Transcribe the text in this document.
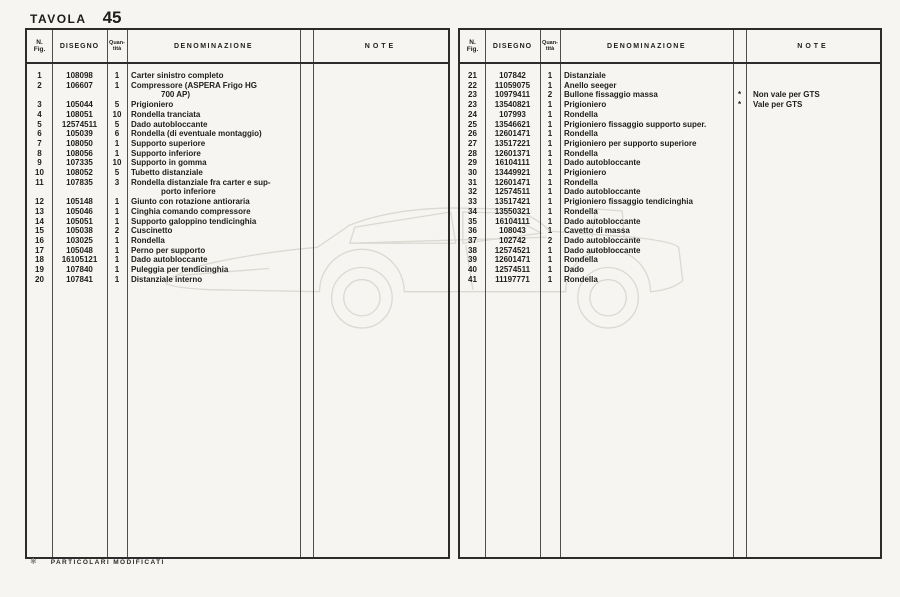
TAVOLA 45
N.
Fig.	DISEGNO	Quan-
tità	DENOMINAZIONE	NOTE
1	108098	1	Carter sinistro completo
2	106607	1	Compressore (ASPERA Frigo HG
700 AP)
3	105044	5	Prigioniero
4	108051	10	Rondella tranciata
5	12574511	5	Dado autobloccante
6	105039	6	Rondella (di eventuale montaggio)
7	108050	1	Supporto superiore
8	108056	1	Supporto inferiore
9	107335	10	Supporto in gomma
10	108052	5	Tubetto distanziale
11	107835	3	Rondella distanziale fra carter e sup-
porto inferiore
12	105148	1	Giunto con rotazione antioraria
13	105046	1	Cinghia comando compressore
14	105051	1	Supporto galoppino tendicinghia
15	105038	2	Cuscinetto
16	103025	1	Rondella
17	105048	1	Perno per supporto
18	16105121	1	Dado autobloccante
19	107840	1	Puleggia per tendicinghia
20	107841	1	Distanziale interno
N.
Fig.	DISEGNO	Quan-
tità	DENOMINAZIONE	NOTE
21	107842	1	Distanziale
22	11059075	1	Anello seeger
23	10979411	2	Bullone fissaggio massa	*	Non vale per GTS
23	13540821	1	Prigioniero	*	Vale per GTS
24	107993	1	Rondella
25	13546621	1	Prigioniero fissaggio supporto super.
26	12601471	1	Rondella
27	13517221	1	Prigioniero per supporto superiore
28	12601371	1	Rondella
29	16104111	1	Dado autobloccante
30	13449921	1	Prigioniero
31	12601471	1	Rondella
32	12574511	1	Dado autobloccante
33	13517421	1	Prigioniero fissaggio tendicinghia
34	13550321	1	Rondella
35	16104111	1	Dado autobloccante
36	108043	1	Cavetto di massa
37	102742	2	Dado autobloccante
38	12574521	1	Dado autobloccante
39	12601471	1	Rondella
40	12574511	1	Dado
41	11197771	1	Rondella
✱ PARTICOLARI MODIFICATI
